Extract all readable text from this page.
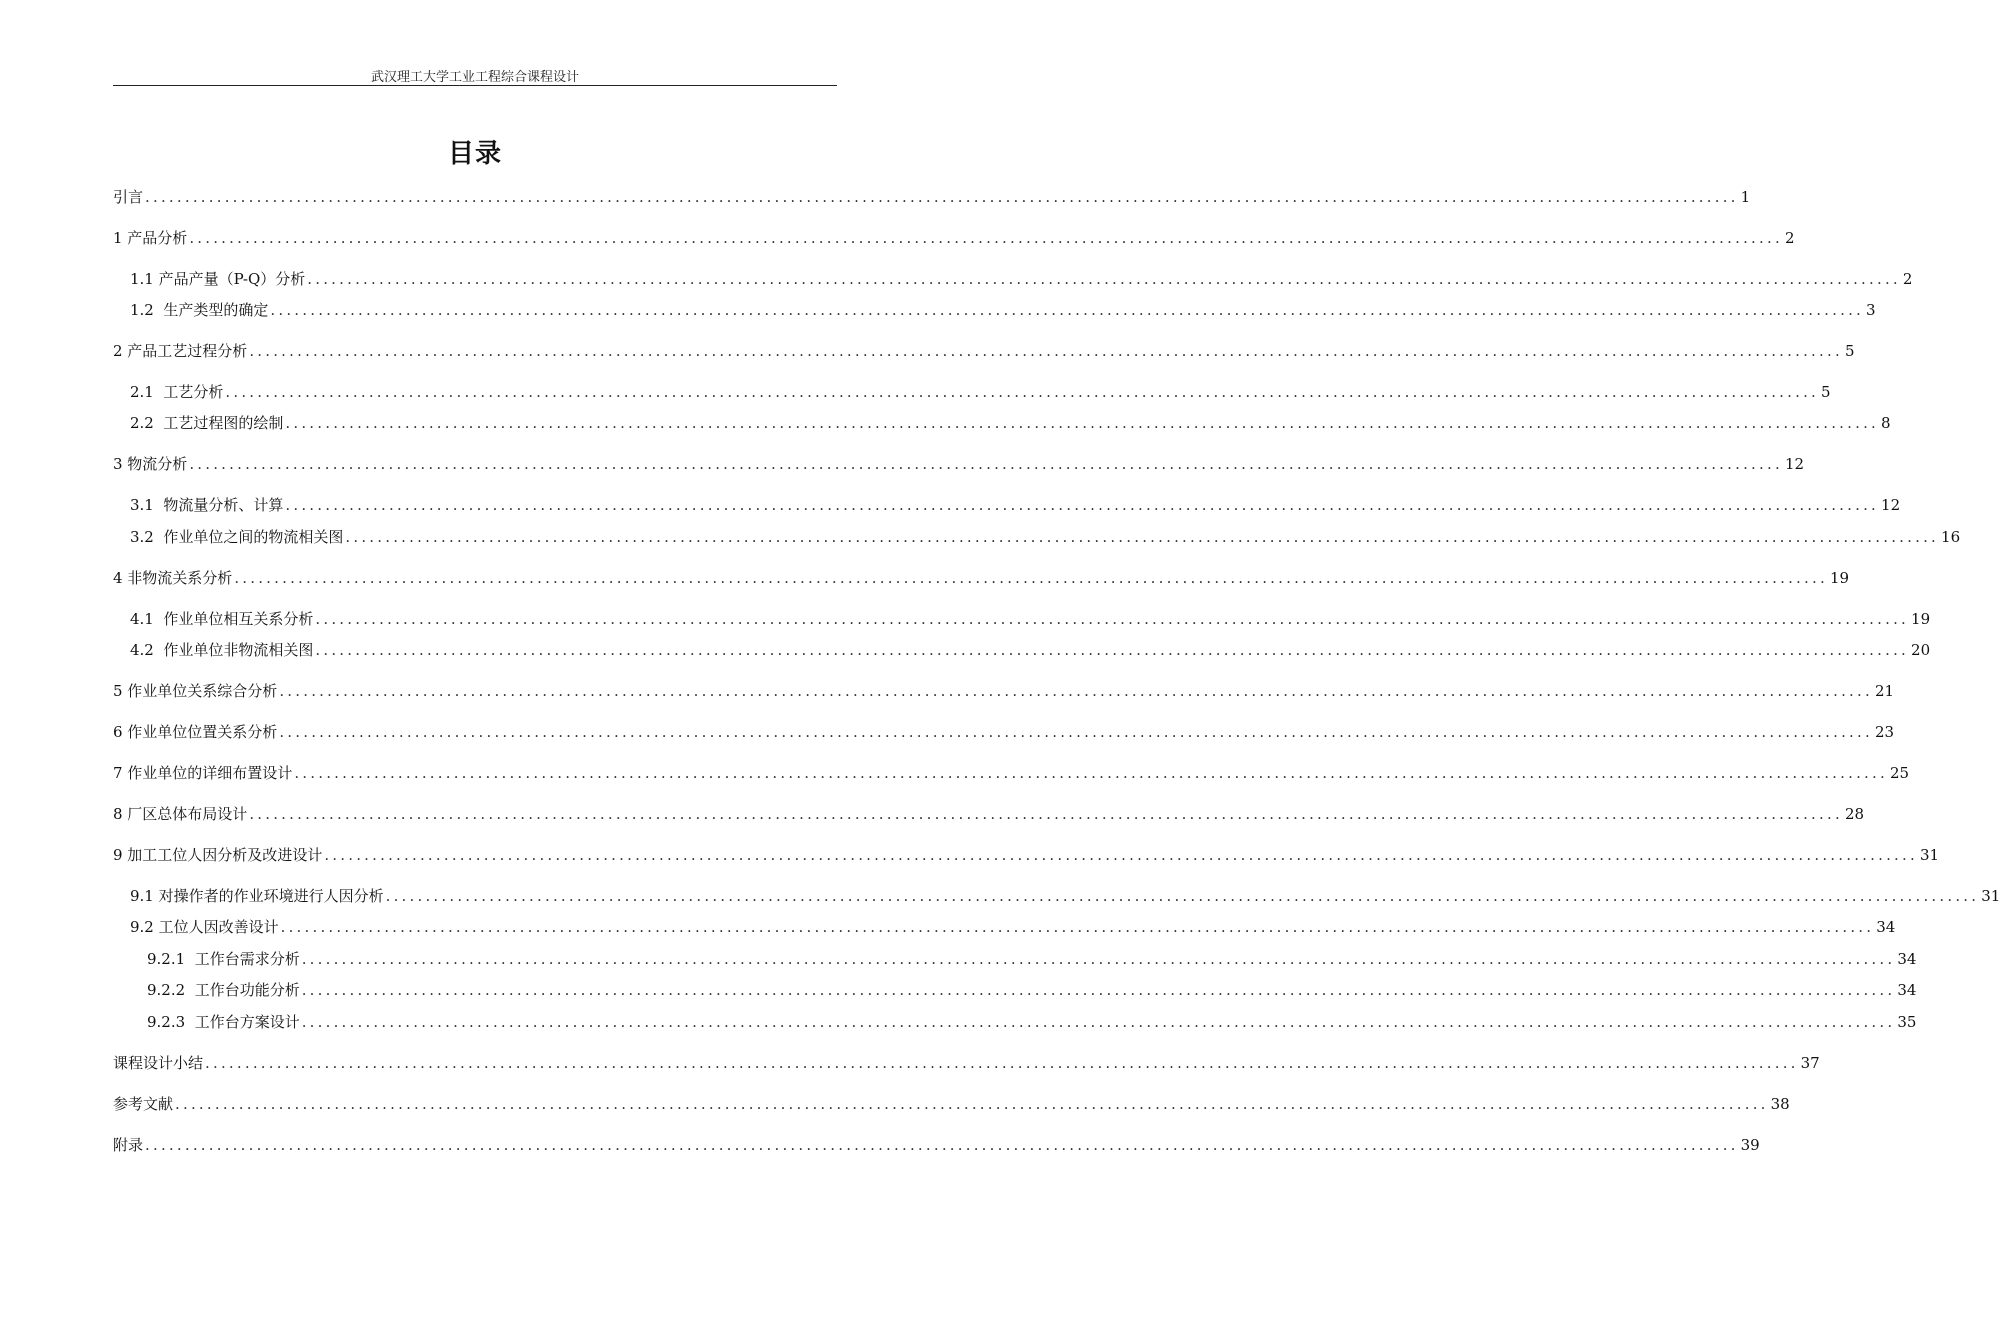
武汉理工大学工业工程综合课程设计
目录
引言 ........................................................................................................................................................................................................ 1
1 产品分析 ........................................................................................................................................................................................................ 2
1.1 产品产量（P-Q）分析 ........................................................................................................................................................................................................ 2
1.2  生产类型的确定 ........................................................................................................................................................................................................ 3
2 产品工艺过程分析 ........................................................................................................................................................................................................ 5
2.1  工艺分析 ........................................................................................................................................................................................................ 5
2.2  工艺过程图的绘制 ........................................................................................................................................................................................................ 8
3 物流分析 ........................................................................................................................................................................................................ 12
3.1  物流量分析、计算 ........................................................................................................................................................................................................ 12
3.2  作业单位之间的物流相关图 ........................................................................................................................................................................................................ 16
4 非物流关系分析 ........................................................................................................................................................................................................ 19
4.1  作业单位相互关系分析 ........................................................................................................................................................................................................ 19
4.2  作业单位非物流相关图 ........................................................................................................................................................................................................ 20
5 作业单位关系综合分析 ........................................................................................................................................................................................................ 21
6 作业单位位置关系分析 ........................................................................................................................................................................................................ 23
7 作业单位的详细布置设计 ........................................................................................................................................................................................................ 25
8 厂区总体布局设计 ........................................................................................................................................................................................................ 28
9 加工工位人因分析及改进设计 ........................................................................................................................................................................................................ 31
9.1 对操作者的作业环境进行人因分析 ........................................................................................................................................................................................................ 31
9.2 工位人因改善设计 ........................................................................................................................................................................................................ 34
9.2.1  工作台需求分析 ........................................................................................................................................................................................................ 34
9.2.2  工作台功能分析 ........................................................................................................................................................................................................ 34
9.2.3  工作台方案设计 ........................................................................................................................................................................................................ 35
课程设计小结 ........................................................................................................................................................................................................ 37
参考文献 ........................................................................................................................................................................................................ 38
附录 ........................................................................................................................................................................................................ 39
